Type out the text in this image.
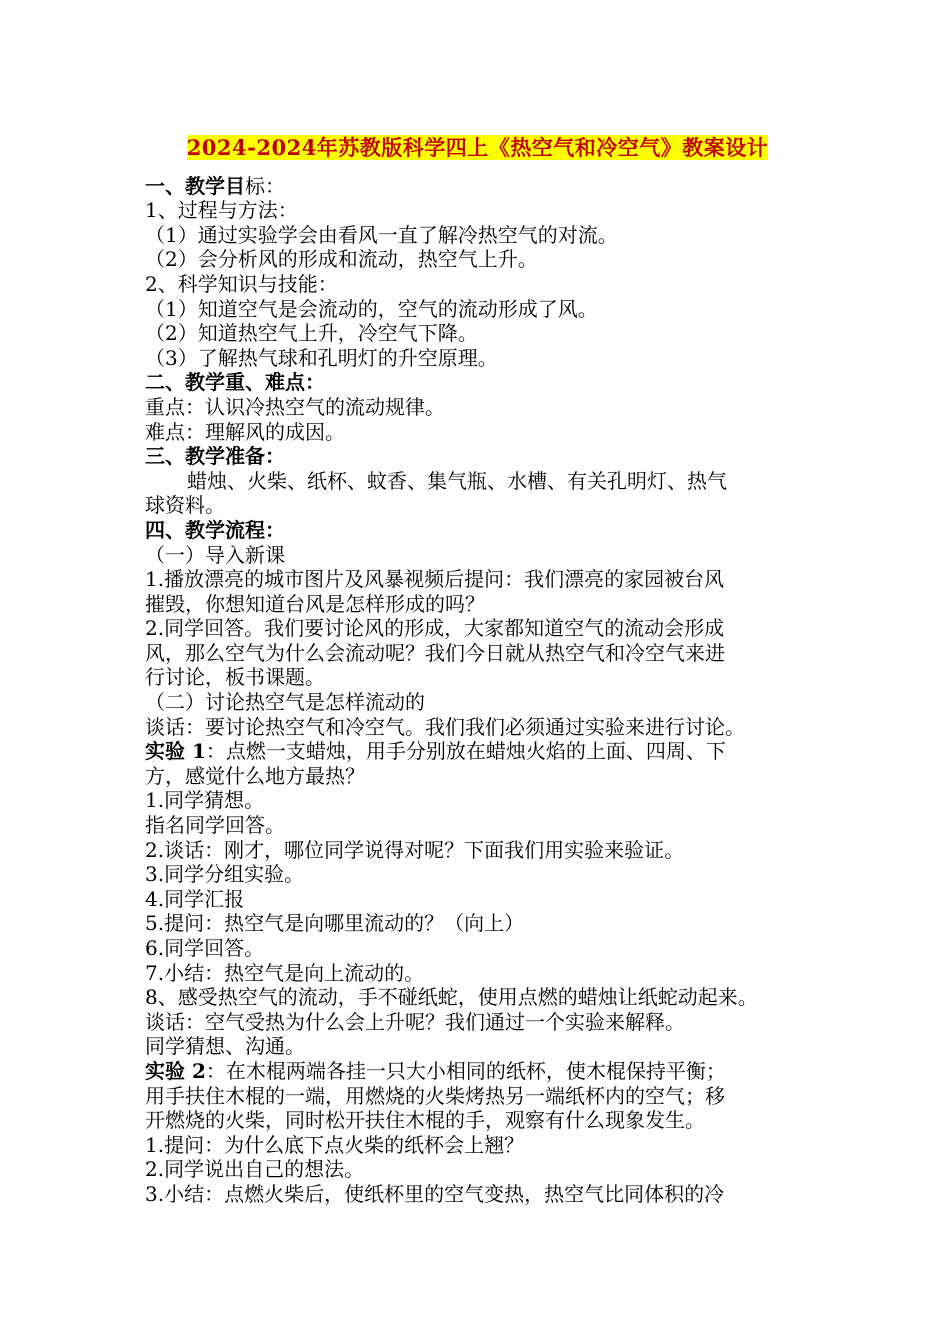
2024-2024年苏教版科学四上《热空气和冷空气》教案设计
一、教学目标：
1、过程与方法：
（1）通过实验学会由看风一直了解冷热空气的对流。
（2）会分析风的形成和流动，热空气上升。
2、科学知识与技能：
（1）知道空气是会流动的，空气的流动形成了风。
（2）知道热空气上升，冷空气下降。
（3）了解热气球和孔明灯的升空原理。
二、教学重、难点：
重点：认识冷热空气的流动规律。
难点：理解风的成因。
三、教学准备：
蜡烛、火柴、纸杯、蚊香、集气瓶、水槽、有关孔明灯、热气
球资料。
四、教学流程：
（一）导入新课
1.播放漂亮的城市图片及风暴视频后提问：我们漂亮的家园被台风
摧毁，你想知道台风是怎样形成的吗？
2.同学回答。我们要讨论风的形成，大家都知道空气的流动会形成
风，那么空气为什么会流动呢？我们今日就从热空气和冷空气来进
行讨论，板书课题。
（二）讨论热空气是怎样流动的
谈话：要讨论热空气和冷空气。我们我们必须通过实验来进行讨论。
实验 1：点燃一支蜡烛，用手分别放在蜡烛火焰的上面、四周、下
方，感觉什么地方最热？
1.同学猜想。
指名同学回答。
2.谈话：刚才，哪位同学说得对呢？下面我们用实验来验证。
3.同学分组实验。
4.同学汇报
5.提问：热空气是向哪里流动的？（向上）
6.同学回答。
7.小结：热空气是向上流动的。
8、感受热空气的流动，手不碰纸蛇，使用点燃的蜡烛让纸蛇动起来。
谈话：空气受热为什么会上升呢？我们通过一个实验来解释。
同学猜想、沟通。
实验 2：在木棍两端各挂一只大小相同的纸杯，使木棍保持平衡；
用手扶住木棍的一端，用燃烧的火柴烤热另一端纸杯内的空气；移
开燃烧的火柴，同时松开扶住木棍的手，观察有什么现象发生。
1.提问：为什么底下点火柴的纸杯会上翘？
2.同学说出自己的想法。
3.小结：点燃火柴后，使纸杯里的空气变热，热空气比同体积的冷
